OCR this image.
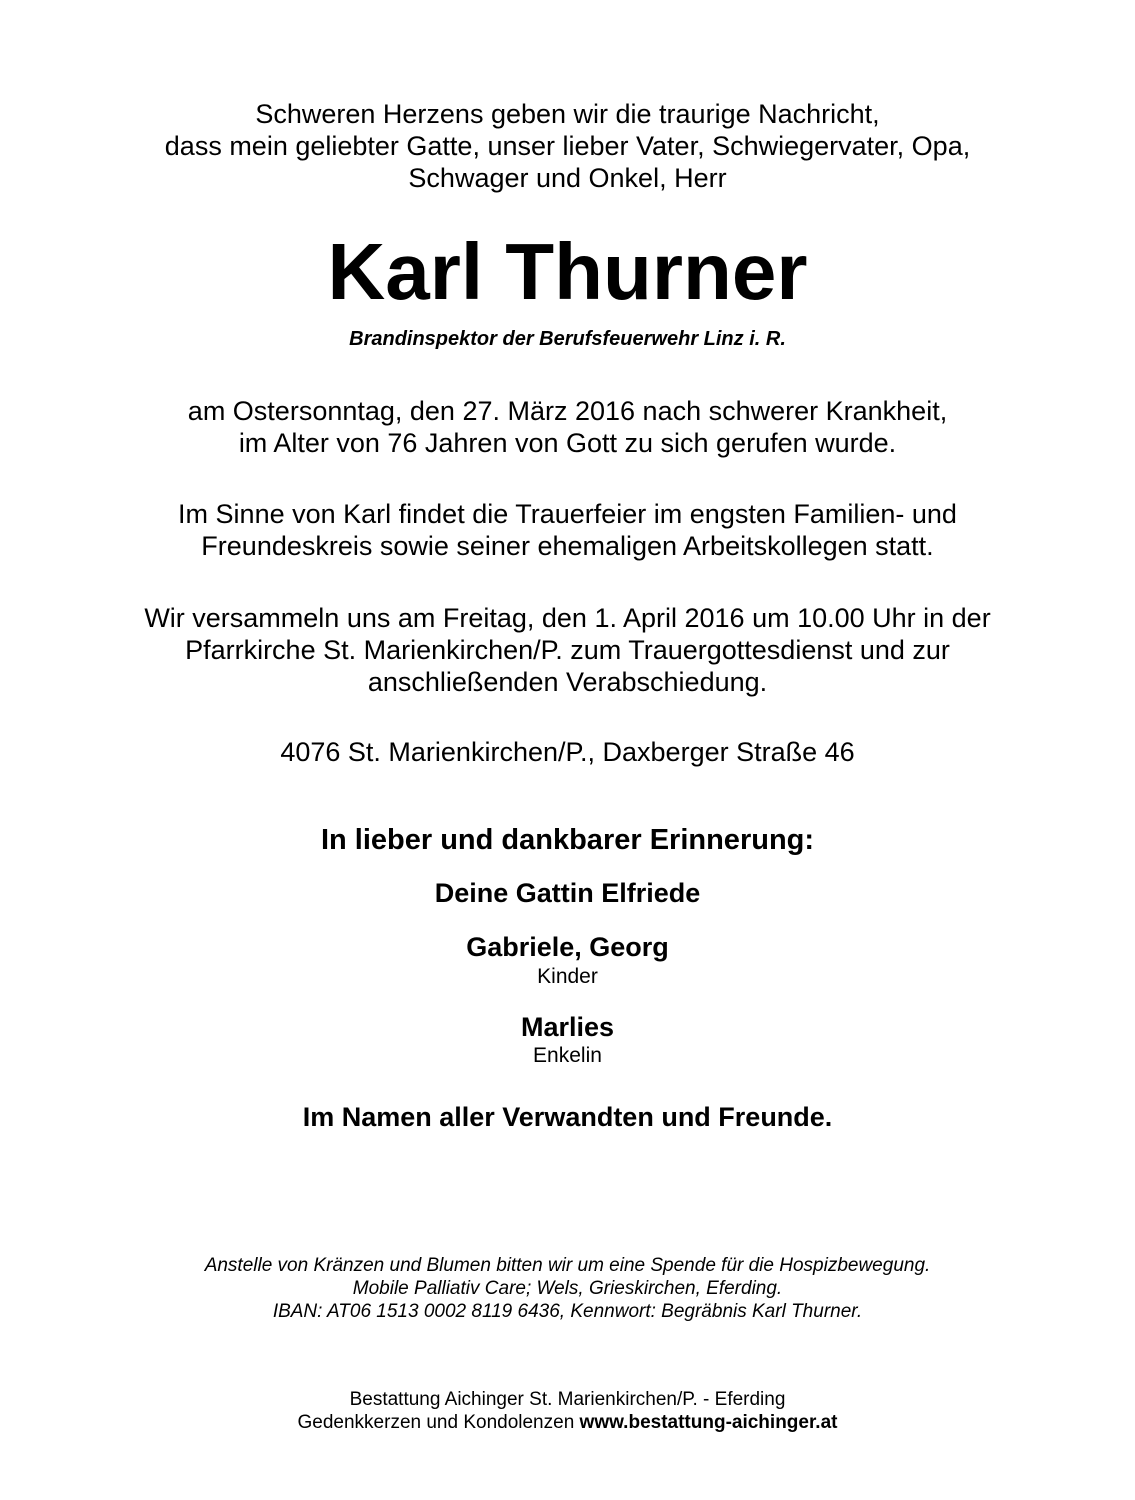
Schweren Herzens geben wir die traurige Nachricht,
dass mein geliebter Gatte, unser lieber Vater, Schwiegervater, Opa,
Schwager und Onkel, Herr
Karl Thurner
Brandinspektor der Berufsfeuerwehr Linz i. R.
am Ostersonntag, den 27. März 2016 nach schwerer Krankheit,
im Alter von 76 Jahren von Gott zu sich gerufen wurde.
Im Sinne von Karl findet die Trauerfeier im engsten Familien- und
Freundeskreis sowie seiner ehemaligen Arbeitskollegen statt.
Wir versammeln uns am Freitag, den 1. April 2016 um 10.00 Uhr in der
Pfarrkirche St. Marienkirchen/P. zum Trauergottesdienst und zur
anschließenden Verabschiedung.
4076 St. Marienkirchen/P., Daxberger Straße 46
In lieber und dankbarer Erinnerung:
Deine Gattin Elfriede
Gabriele, Georg
Kinder
Marlies
Enkelin
Im Namen aller Verwandten und Freunde.
Anstelle von Kränzen und Blumen bitten wir um eine Spende für die Hospizbewegung.
Mobile Palliativ Care; Wels, Grieskirchen, Eferding.
IBAN: AT06 1513 0002 8119 6436, Kennwort: Begräbnis Karl Thurner.
Bestattung Aichinger St. Marienkirchen/P. - Eferding
Gedenkkerzen und Kondolenzen www.bestattung-aichinger.at
